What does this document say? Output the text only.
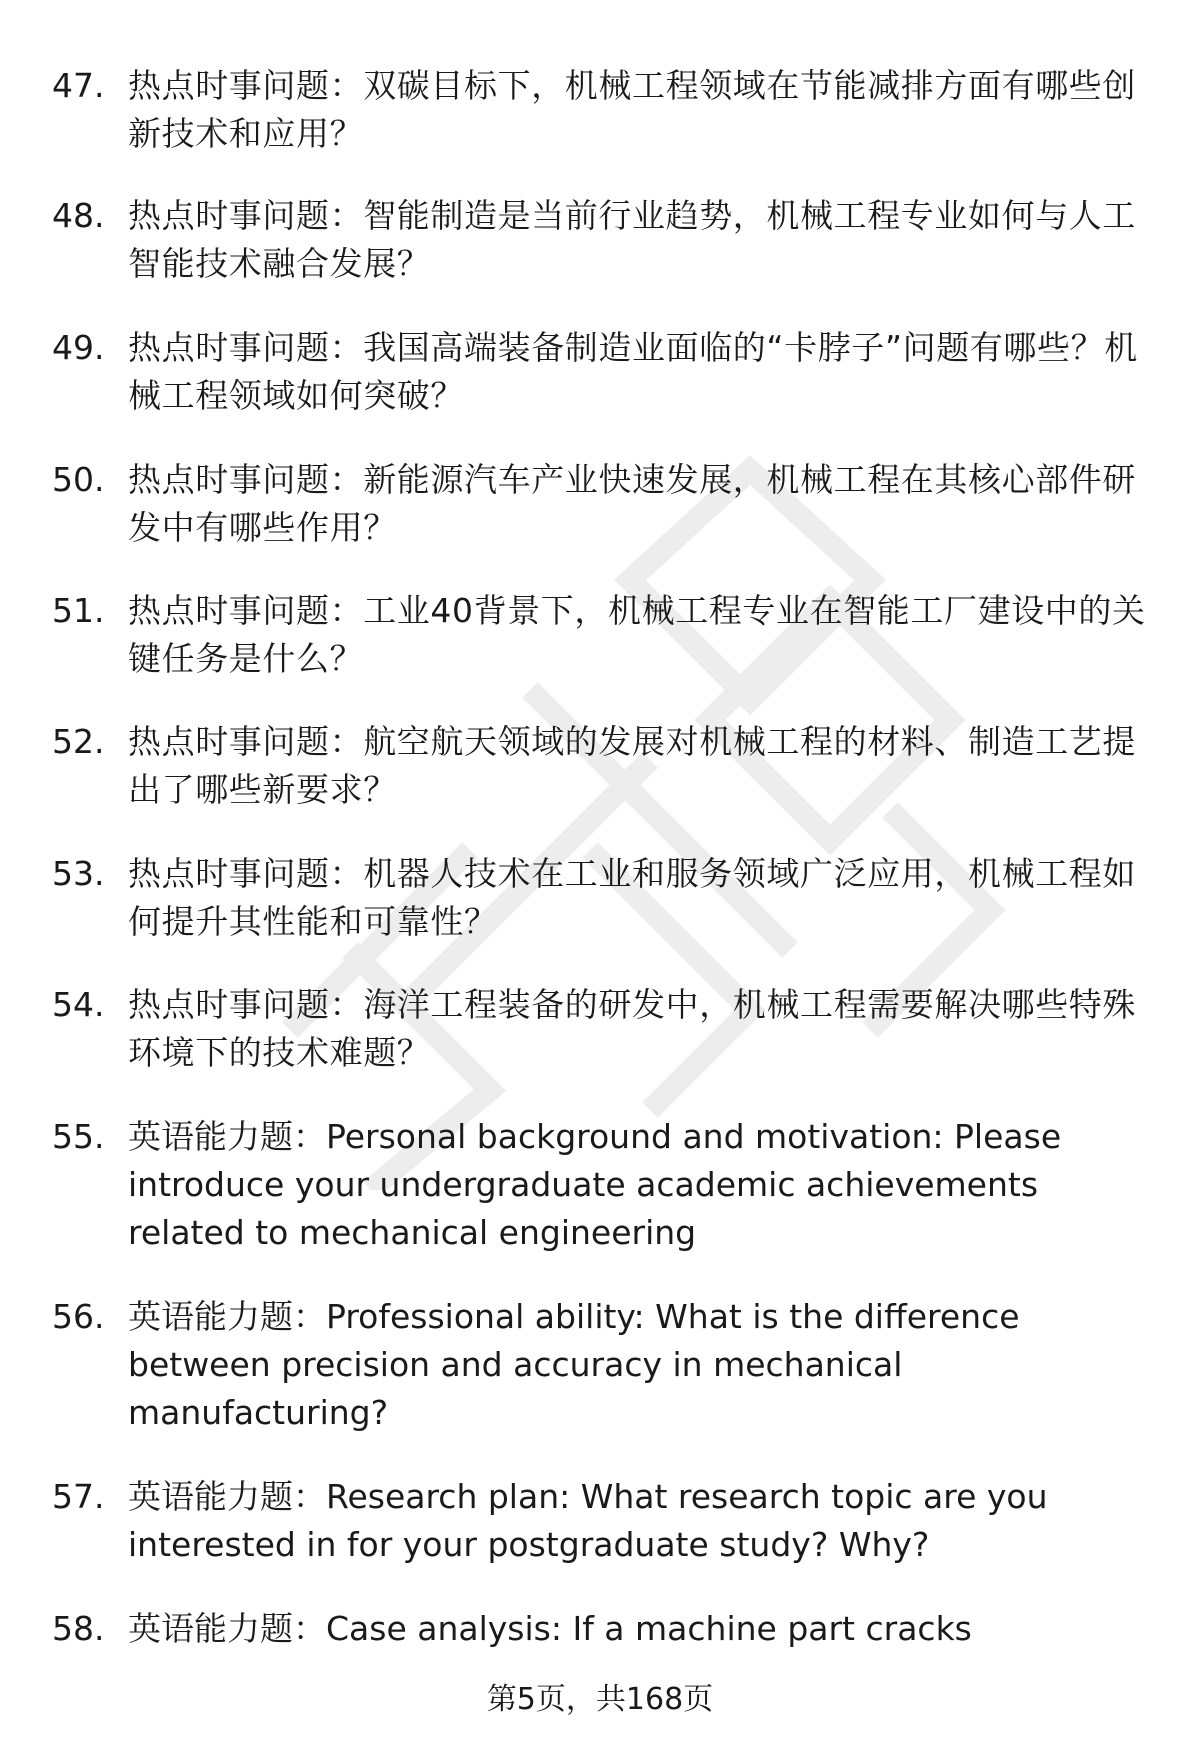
47. 热点时事问题：双碳目标下，机械工程领域在节能减排方面有哪些创新技术和应用？
48. 热点时事问题：智能制造是当前行业趋势，机械工程专业如何与人工智能技术融合发展？
49. 热点时事问题：我国高端装备制造业面临的“卡脖子”问题有哪些？机械工程领域如何突破？
50. 热点时事问题：新能源汽车产业快速发展，机械工程在其核心部件研发中有哪些作用？
51. 热点时事问题：工业40背景下，机械工程专业在智能工厂建设中的关键任务是什么？
52. 热点时事问题：航空航天领域的发展对机械工程的材料、制造工艺提出了哪些新要求？
53. 热点时事问题：机器人技术在工业和服务领域广泛应用，机械工程如何提升其性能和可靠性？
54. 热点时事问题：海洋工程装备的研发中，机械工程需要解决哪些特殊环境下的技术难题？
55. 英语能力题：Personal background and motivation: Please introduce your undergraduate academic achievements related to mechanical engineering
56. 英语能力题：Professional ability: What is the difference between precision and accuracy in mechanical manufacturing?
57. 英语能力题：Research plan: What research topic are you interested in for your postgraduate study? Why?
58. 英语能力题：Case analysis: If a machine part cracks
第5页，共168页
